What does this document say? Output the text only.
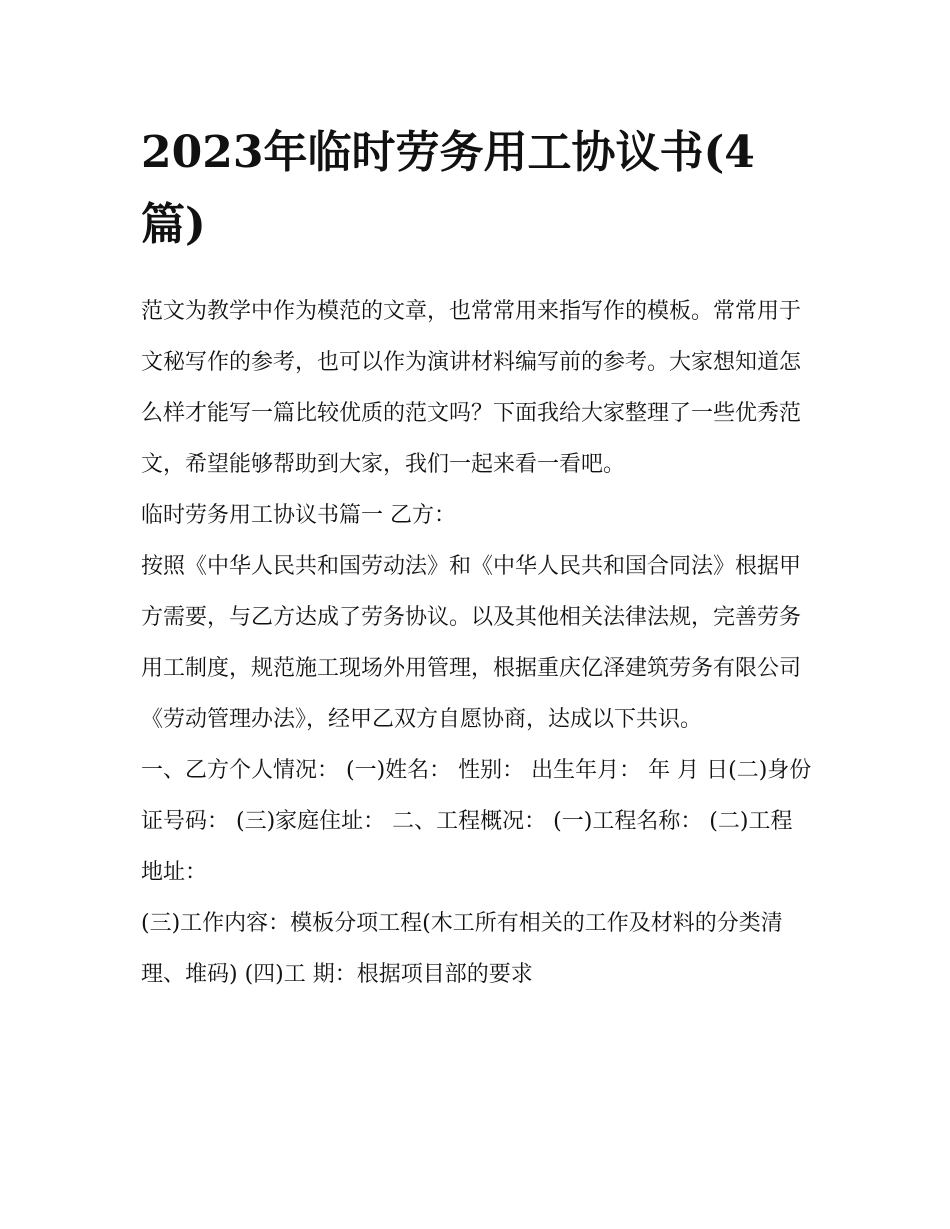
2023年临时劳务用工协议书(4篇)

范文为教学中作为模范的文章，也常常用来指写作的模板。常常用于文秘写作的参考，也可以作为演讲材料编写前的参考。大家想知道怎么样才能写一篇比较优质的范文吗？下面我给大家整理了一些优秀范文，希望能够帮助到大家，我们一起来看一看吧。

临时劳务用工协议书篇一 乙方：

按照《中华人民共和国劳动法》和《中华人民共和国合同法》根据甲方需要，与乙方达成了劳务协议。以及其他相关法律法规，完善劳务用工制度，规范施工现场外用管理，根据重庆亿泽建筑劳务有限公司《劳动管理办法》，经甲乙双方自愿协商，达成以下共识。

一、乙方个人情况： (一)姓名： 性别： 出生年月： 年 月 日(二)身份证号码： (三)家庭住址： 二、工程概况： (一)工程名称： (二)工程地址：

(三)工作内容：模板分项工程(木工所有相关的工作及材料的分类清理、堆码) (四)工 期：根据项目部的要求
